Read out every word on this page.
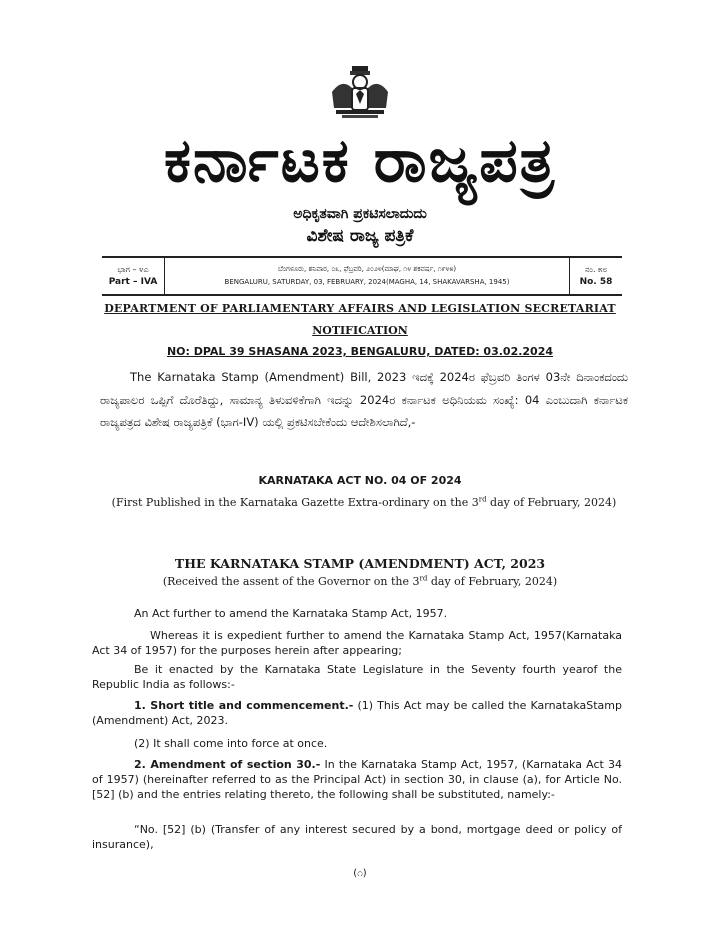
ಕರ್ನಾಟಕ ರಾಜ್ಯಪತ್ರ
ಅಧಿಕೃತವಾಗಿ ಪ್ರಕಟಿಸಲಾದುದು
ವಿಶೇಷ ರಾಜ್ಯ ಪತ್ರಿಕೆ
ಭಾಗ – ೪ಎ
Part – IVA
ಬೆಂಗಳೂರು, ಶನಿವಾರ, ೦೩, ಫೆಬ್ರವರಿ, ೨೦೨೪(ಮಾಘ, ೧೪ ಶಕವರ್ಷ, ೧೯೪೫)
BENGALURU, SATURDAY, 03, FEBRUARY, 2024(MAGHA, 14, SHAKAVARSHA, 1945)
ನಂ. ೫೮
No. 58
DEPARTMENT OF PARLIAMENTARY AFFAIRS AND LEGISLATION SECRETARIAT
NOTIFICATION
NO: DPAL 39 SHASANA 2023, BENGALURU, DATED: 03.02.2024
The Karnataka Stamp (Amendment) Bill, 2023 ಇದಕ್ಕೆ 2024ರ ಫೆಬ್ರವರಿ ತಿಂಗಳ 03ನೇ ದಿನಾಂಕದಂದು ರಾಜ್ಯಪಾಲರ ಒಪ್ಪಿಗೆ ದೊರೆತಿದ್ದು, ಸಾಮಾನ್ಯ ತಿಳುವಳಿಕೆಗಾಗಿ ಇದನ್ನು 2024ರ ಕರ್ನಾಟಕ ಅಧಿನಿಯಮ ಸಂಖ್ಯೆ: 04 ಎಂಬುದಾಗಿ ಕರ್ನಾಟಕ ರಾಜ್ಯಪತ್ರದ ವಿಶೇಷ ರಾಜ್ಯಪತ್ರಿಕೆ (ಭಾಗ-IV) ಯಲ್ಲಿ ಪ್ರಕಟಿಸಬೇಕೆಂದು ಆದೇಶಿಸಲಾಗಿದೆ,-
KARNATAKA ACT NO. 04 OF 2024
(First Published in the Karnataka Gazette Extra-ordinary on the 3rd day of February, 2024)
THE KARNATAKA STAMP (AMENDMENT) ACT, 2023
(Received the assent of the Governor on the 3rd day of February, 2024)
An Act further to amend the Karnataka Stamp Act, 1957.
Whereas it is expedient further to amend the Karnataka Stamp Act, 1957(Karnataka Act 34 of 1957) for the purposes herein after appearing;
Be it enacted by the Karnataka State Legislature in the Seventy fourth yearof the Republic India as follows:-
1. Short title and commencement.- (1) This Act may be called the KarnatakaStamp (Amendment) Act, 2023.
(2) It shall come into force at once.
2. Amendment of section 30.- In the Karnataka Stamp Act, 1957, (Karnataka Act 34 of 1957) (hereinafter referred to as the Principal Act) in section 30, in clause (a), for Article No. [52] (b) and the entries relating thereto, the following shall be substituted, namely:-
“No. [52] (b) (Transfer of any interest secured by a bond, mortgage deed or policy of insurance),
(೧)
